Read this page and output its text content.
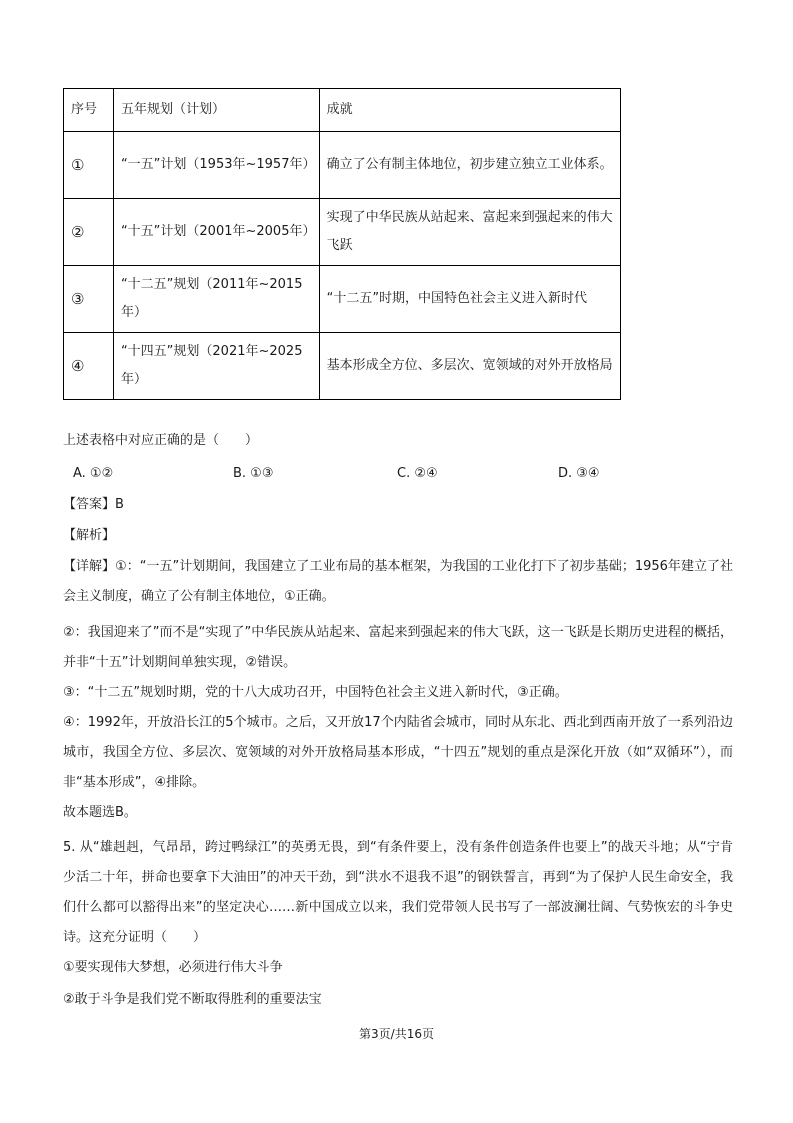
序号	五年规划（计划）	成就
①	“一五”计划（1953年~1957年）	确立了公有制主体地位，初步建立独立工业体系。
②	“十五”计划（2001年~2005年）	实现了中华民族从站起来、富起来到强起来的伟大飞跃
③	“十二五”规划（2011年~2015年）	“十二五”时期，中国特色社会主义进入新时代
④	“十四五”规划（2021年~2025年）	基本形成全方位、多层次、宽领域的对外开放格局
上述表格中对应正确的是（　　）
A. ①②	B. ①③	C. ②④	D. ③④
【答案】B
【解析】
【详解】①：“一五”计划期间，我国建立了工业布局的基本框架，为我国的工业化打下了初步基础；1956年建立了社会主义制度，确立了公有制主体地位，①正确。
②：我国迎来了”而不是“实现了”中华民族从站起来、富起来到强起来的伟大飞跃，这一飞跃是长期历史进程的概括，并非“十五”计划期间单独实现，②错误。
③：“十二五”规划时期，党的十八大成功召开，中国特色社会主义进入新时代，③正确。
④：1992年，开放沿长江的5个城市。之后，又开放17个内陆省会城市，同时从东北、西北到西南开放了一系列沿边城市，我国全方位、多层次、宽领域的对外开放格局基本形成，“十四五”规划的重点是深化开放（如“双循环”），而非“基本形成”，④排除。
故本题选B。
5. 从“雄赳赳，气昂昂，跨过鸭绿江”的英勇无畏，到“有条件要上，没有条件创造条件也要上”的战天斗地；从“宁肯少活二十年，拼命也要拿下大油田”的冲天干劲，到“洪水不退我不退”的钢铁誓言，再到“为了保护人民生命安全，我们什么都可以豁得出来”的坚定决心……新中国成立以来，我们党带领人民书写了一部波澜壮阔、气势恢宏的斗争史诗。这充分证明（　　）
①要实现伟大梦想，必须进行伟大斗争
②敢于斗争是我们党不断取得胜利的重要法宝
第3页/共16页
